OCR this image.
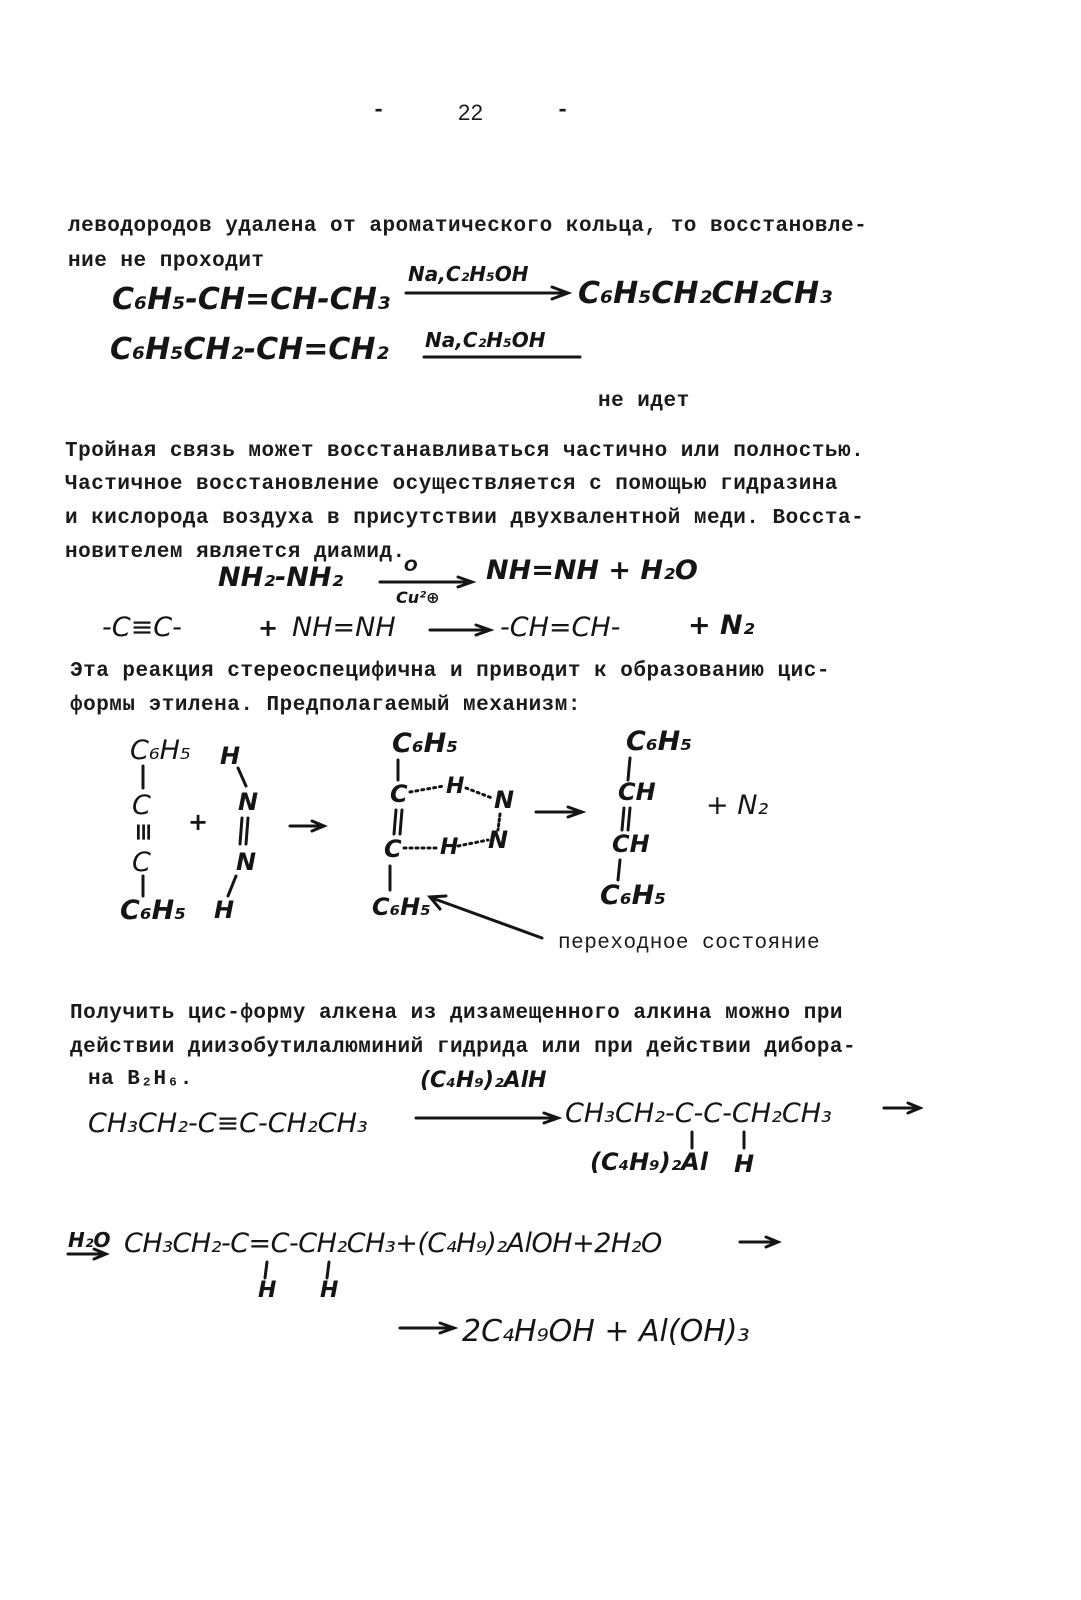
-	22	-
леводородов удалена от ароматического кольца, то восстановле-
ние не проходит
C₆H₅-CH=CH-CH₃
Na,C₂H₅OH
C₆H₅CH₂CH₂CH₃
C₆H₅CH₂-CH=CH₂ Na,C₂H₅OH
не идет
Тройная связь может восстанавливаться частично или полностью.
Частичное восстановление осуществляется с помощью гидразина
и кислорода воздуха в присутствии двухвалентной меди. Восста-
новителем является диамид.
NH₂-NH₂	O
Cu²⊕
NH=NH + H₂O
-C≡C-	+ NH=NH	-CH=CH-	+ N₂
Эта реакция стереоспецифична и приводит к образованию цис-
формы этилена. Предполагаемый механизм:
C₆H₅
C
≡
C
C₆H₅
+
H
N
N
H
C₆H₅
C H N
C H N
C₆H₅
C₆H₅
CH
CH
C₆H₅
+ N₂
переходное состояние
Получить цис-форму алкена из дизамещенного алкина можно при
действии диизобутилалюминий гидрида или при действии дибора-
на B₂H₆.
CH₃CH₂-C≡C-CH₂CH₃
(C₄H₉)₂AlH
CH₃CH₂-C-C-CH₂CH₃
(C₄H₉)₂Al H
H₂O CH₃CH₂-C=C-CH₂CH₃+(C₄H₉)₂AlOH+2H₂O
H H
2C₄H₉OH + Al(OH)₃
